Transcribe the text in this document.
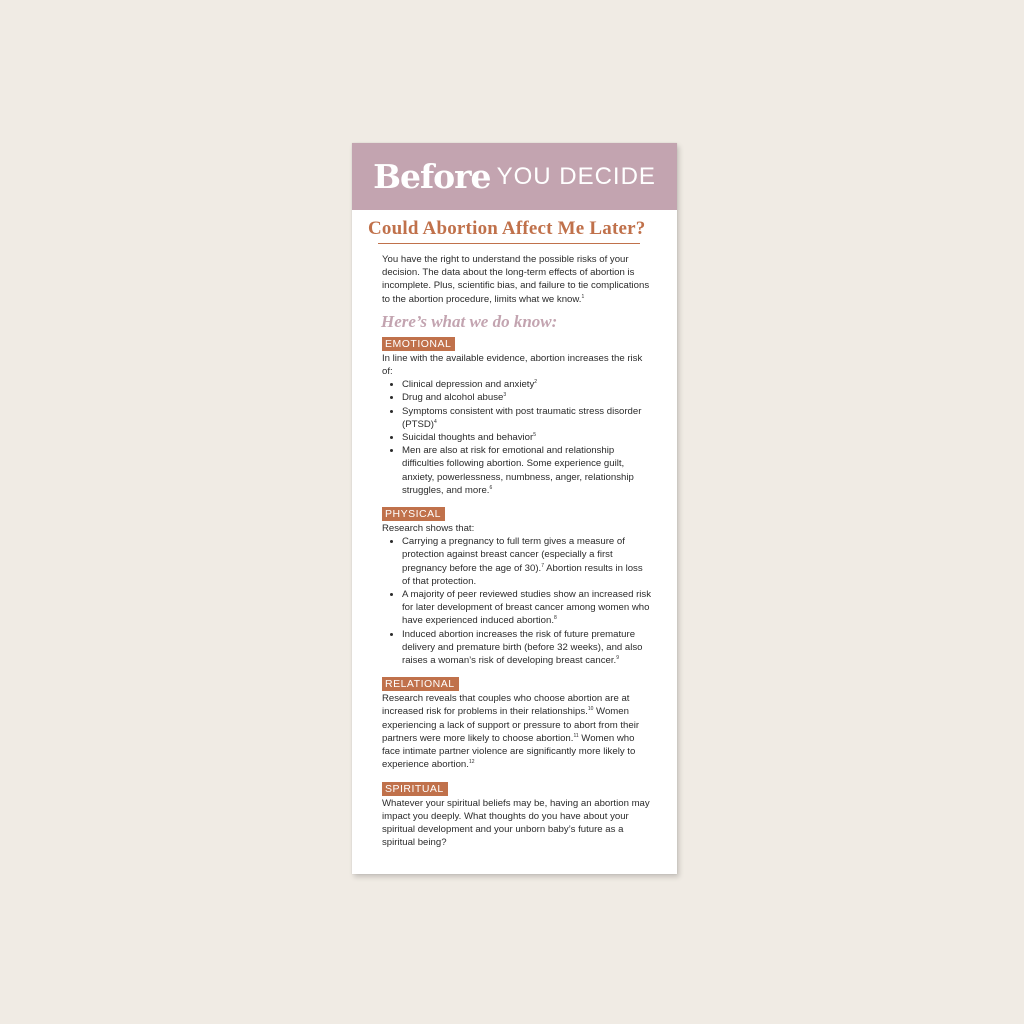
Before YOU DECIDE
Could Abortion Affect Me Later?

You have the right to understand the possible risks of your decision. The data about the long-term effects of abortion is incomplete. Plus, scientific bias, and failure to tie complications to the abortion procedure, limits what we know.$^1$

Here’s what we do know:
EMOTIONAL

In line with the available evidence, abortion increases the risk of:

• Clinical depression and anxiety$^2$
• Drug and alcohol abuse$^3$
• Symptoms consistent with post traumatic stress disorder (PTSD)$^4$
• Suicidal thoughts and behavior$^5$
• Men are also at risk for emotional and relationship difficulties following abortion. Some experience guilt, anxiety, powerlessness, numbness, anger, relationship struggles, and more.$^6$
PHYSICAL

Research shows that:

• Carrying a pregnancy to full term gives a measure of protection against breast cancer (especially a first pregnancy before the age of 30).$^7$ Abortion results in loss of that protection.
• A majority of peer reviewed studies show an increased risk for later development of breast cancer among women who have experienced induced abortion.$^8$
• Induced abortion increases the risk of future premature delivery and premature birth (before 32 weeks), and also raises a woman’s risk of developing breast cancer.$^9$
RELATIONAL

Research reveals that couples who choose abortion are at increased risk for problems in their relationships.$^{10}$ Women experiencing a lack of support or pressure to abort from their partners were more likely to choose abortion.$^{11}$ Women who face intimate partner violence are significantly more likely to experience abortion.$^{12}$

SPIRITUAL

Whatever your spiritual beliefs may be, having an abortion may impact you deeply. What thoughts do you have about your spiritual development and your unborn baby’s future as a spiritual being?
